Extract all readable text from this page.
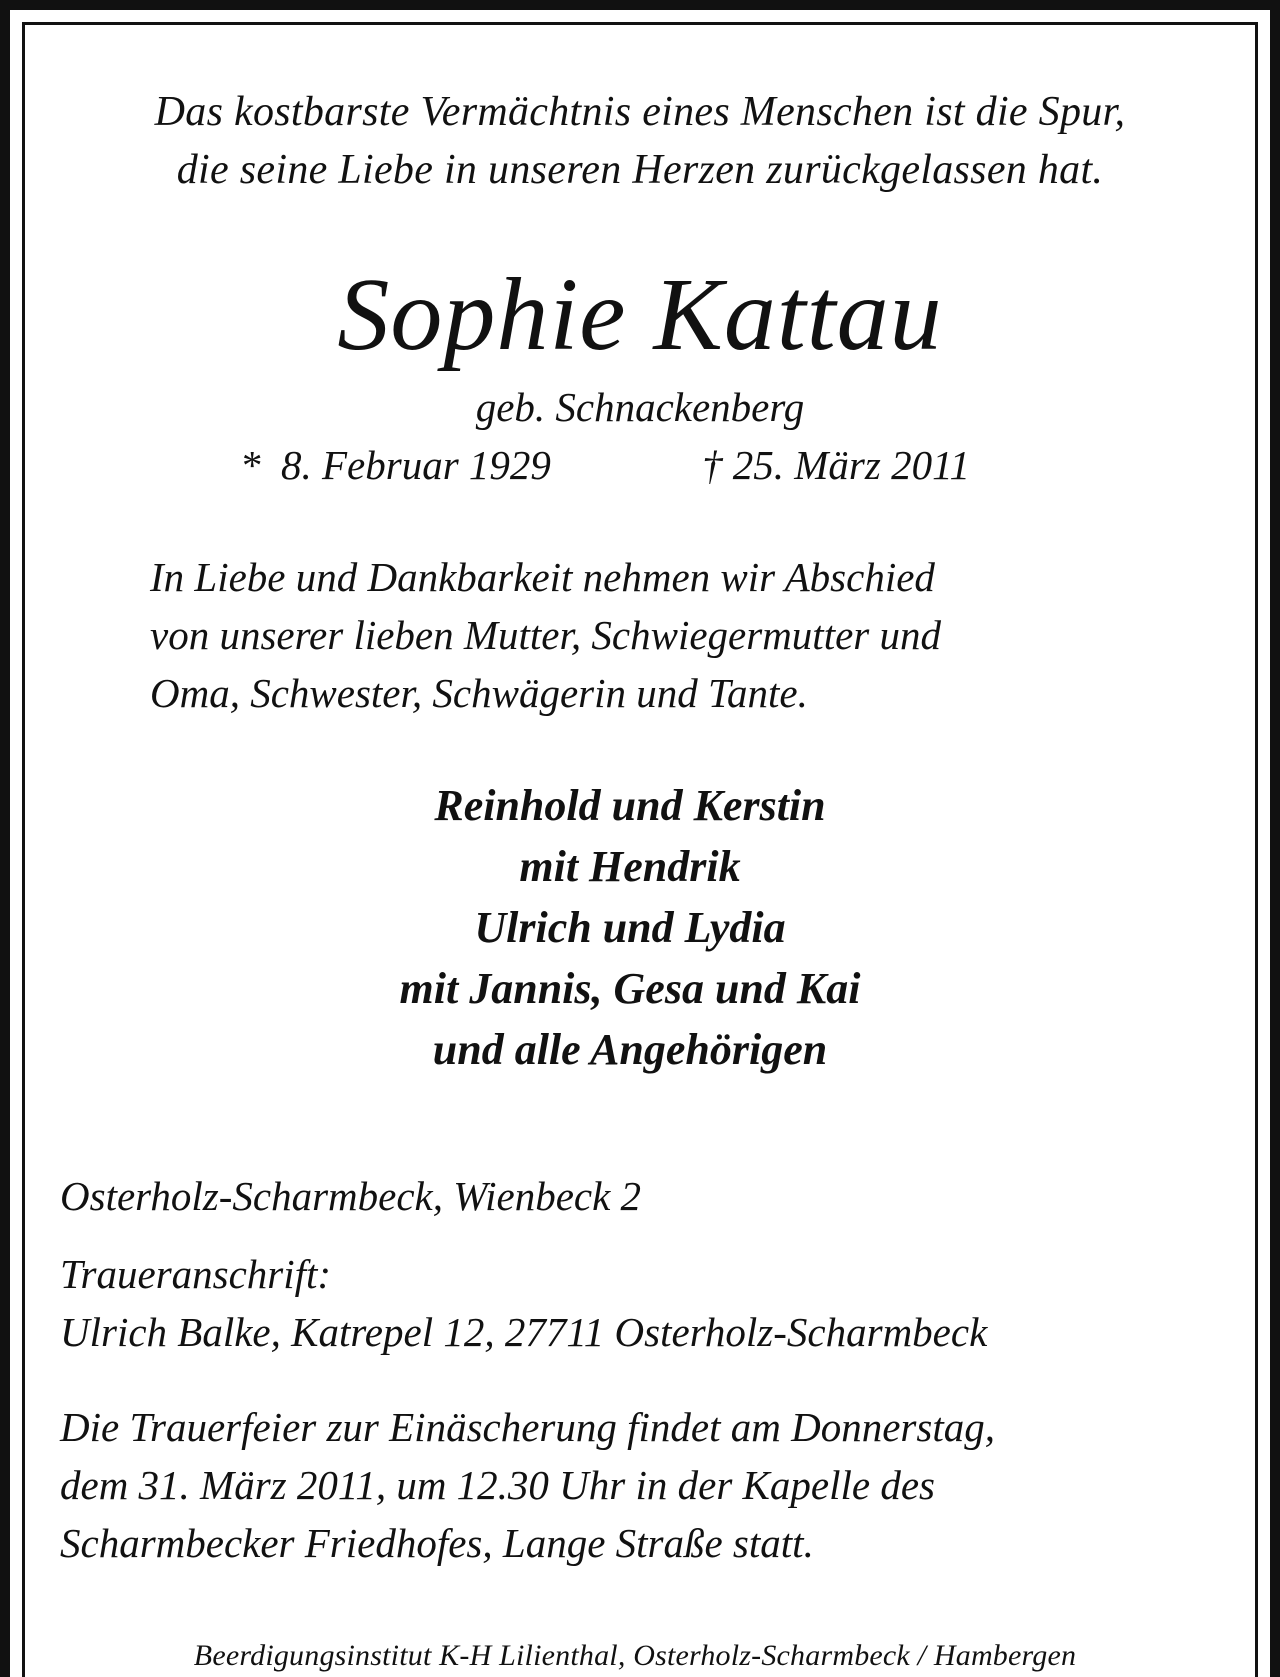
Das kostbarste Vermächtnis eines Menschen ist die Spur,
die seine Liebe in unseren Herzen zurückgelassen hat.
Sophie Kattau
geb. Schnackenberg
*  8. Februar 1929	† 25. März 2011
In Liebe und Dankbarkeit nehmen wir Abschied
von unserer lieben Mutter, Schwiegermutter und
Oma, Schwester, Schwägerin und Tante.
Reinhold und Kerstin
mit Hendrik
Ulrich und Lydia
mit Jannis, Gesa und Kai
und alle Angehörigen
Osterholz-Scharmbeck, Wienbeck 2
Traueranschrift:
Ulrich Balke, Katrepel 12, 27711 Osterholz-Scharmbeck
Die Trauerfeier zur Einäscherung findet am Donnerstag,
dem 31. März 2011, um 12.30 Uhr in der Kapelle des
Scharmbecker Friedhofes, Lange Straße statt.
Beerdigungsinstitut K-H Lilienthal, Osterholz-Scharmbeck / Hambergen
